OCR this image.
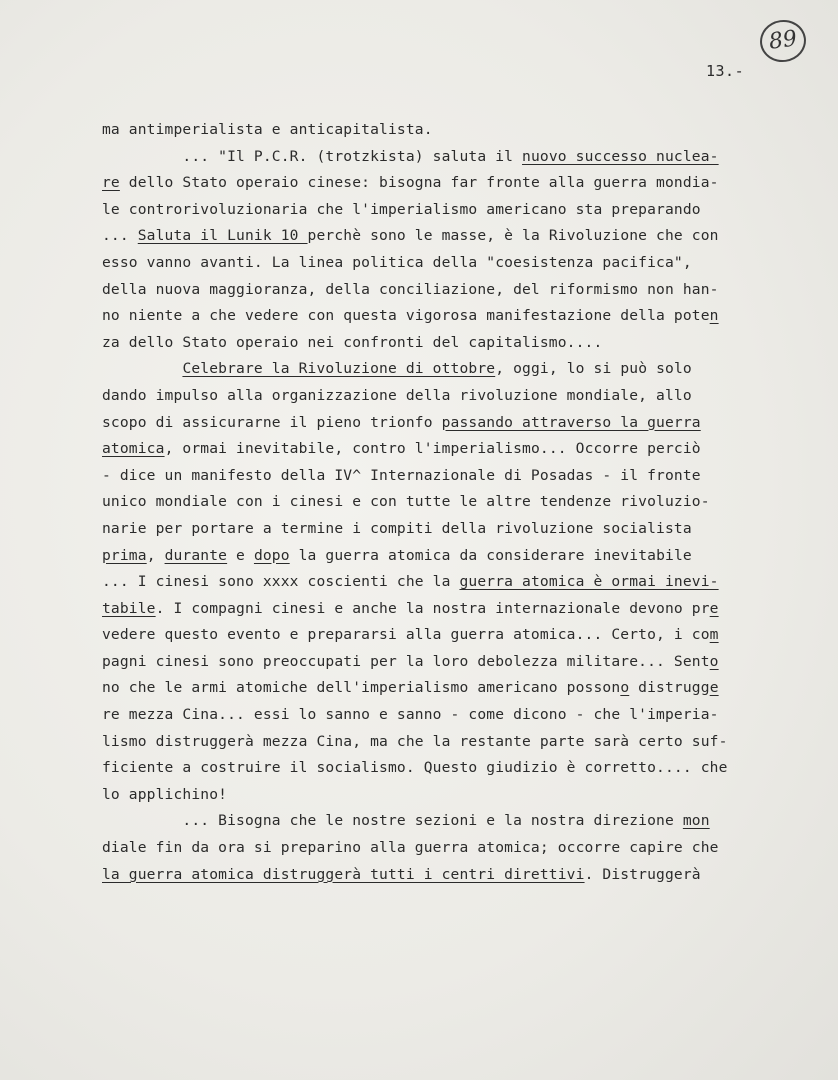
89
13.-
ma antimperialista e anticapitalista.
... "Il P.C.R. (trotzkista) saluta il nuovo successo nuclea-
re dello Stato operaio cinese: bisogna far fronte alla guerra mondia-
le controrivoluzionaria che l'imperialismo americano sta preparando
... Saluta il Lunik 10 perchè sono le masse, è la Rivoluzione che con
esso vanno avanti. La linea politica della "coesistenza pacifica",
della nuova maggioranza, della conciliazione, del riformismo non han-
no niente a che vedere con questa vigorosa manifestazione della poten
za dello Stato operaio nei confronti del capitalismo....
Celebrare la Rivoluzione di ottobre, oggi, lo si può solo
dando impulso alla organizzazione della rivoluzione mondiale, allo
scopo di assicurarne il pieno trionfo passando attraverso la guerra
atomica, ormai inevitabile, contro l'imperialismo... Occorre perciò
- dice un manifesto della IV^ Internazionale di Posadas - il fronte
unico mondiale con i cinesi e con tutte le altre tendenze rivoluzio-
narie per portare a termine i compiti della rivoluzione socialista
prima, durante e dopo la guerra atomica da considerare inevitabile
... I cinesi sono xxxx coscienti che la guerra atomica è ormai inevi-
tabile. I compagni cinesi e anche la nostra internazionale devono pre
vedere questo evento e prepararsi alla guerra atomica... Certo, i com
pagni cinesi sono preoccupati per la loro debolezza militare... Sento
no che le armi atomiche dell'imperialismo americano possono distrugge
re mezza Cina... essi lo sanno e sanno - come dicono - che l'imperia-
lismo distruggerà mezza Cina, ma che la restante parte sarà certo suf-
ficiente a costruire il socialismo. Questo giudizio è corretto.... che
lo applichino!
... Bisogna che le nostre sezioni e la nostra direzione mon
diale fin da ora si preparino alla guerra atomica; occorre capire che
la guerra atomica distruggerà tutti i centri direttivi. Distruggerà
